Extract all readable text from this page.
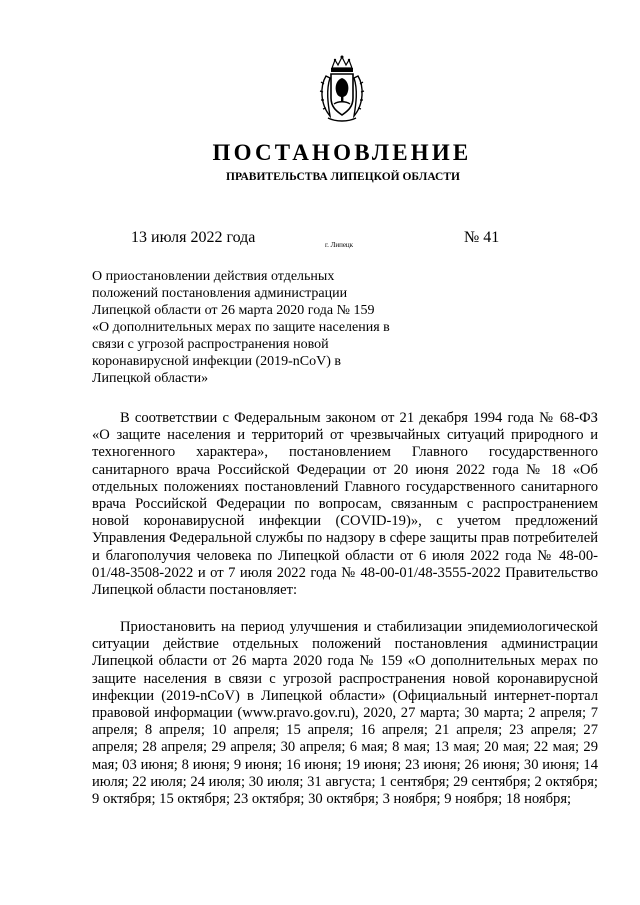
ПОСТАНОВЛЕНИЕ
ПРАВИТЕЛЬСТВА ЛИПЕЦКОЙ ОБЛАСТИ
13 июля 2022 года	г. Липецк	№ 41
О приостановлении действия отдельных
положений постановления администрации
Липецкой области от 26 марта 2020 года № 159
«О дополнительных мерах по защите населения в
связи с угрозой распространения новой
коронавирусной инфекции (2019-nCoV) в
Липецкой области»

В соответствии с Федеральным законом от 21 декабря 1994 года № 68-ФЗ «О защите населения и территорий от чрезвычайных ситуаций природного и техногенного характера», постановлением Главного государственного санитарного врача Российской Федерации от 20 июня 2022 года № 18 «Об отдельных положениях постановлений Главного государственного санитарного врача Российской Федерации по вопросам, связанным с распространением новой коронавирусной инфекции (COVID-19)», с учетом предложений Управления Федеральной службы по надзору в сфере защиты прав потребителей и благополучия человека по Липецкой области от 6 июля 2022 года № 48-00-01/48-3508-2022 и от 7 июля 2022 года № 48-00-01/48-3555-2022 Правительство Липецкой области постановляет:

Приостановить на период улучшения и стабилизации эпидемиологической ситуации действие отдельных положений постановления администрации Липецкой области от 26 марта 2020 года № 159 «О дополнительных мерах по защите населения в связи с угрозой распространения новой коронавирусной инфекции (2019-nCoV) в Липецкой области» (Официальный интернет-портал правовой информации (www.pravo.gov.ru), 2020, 27 марта; 30 марта; 2 апреля; 7 апреля; 8 апреля; 10 апреля; 15 апреля; 16 апреля; 21 апреля; 23 апреля; 27 апреля; 28 апреля; 29 апреля; 30 апреля; 6 мая; 8 мая; 13 мая; 20 мая; 22 мая; 29 мая; 03 июня; 8 июня; 9 июня; 16 июня; 19 июня; 23 июня; 26 июня; 30 июня; 14 июля; 22 июля; 24 июля; 30 июля; 31 августа; 1 сентября; 29 сентября; 2 октября; 9 октября; 15 октября; 23 октября; 30 октября; 3 ноября; 9 ноября; 18 ноября;
